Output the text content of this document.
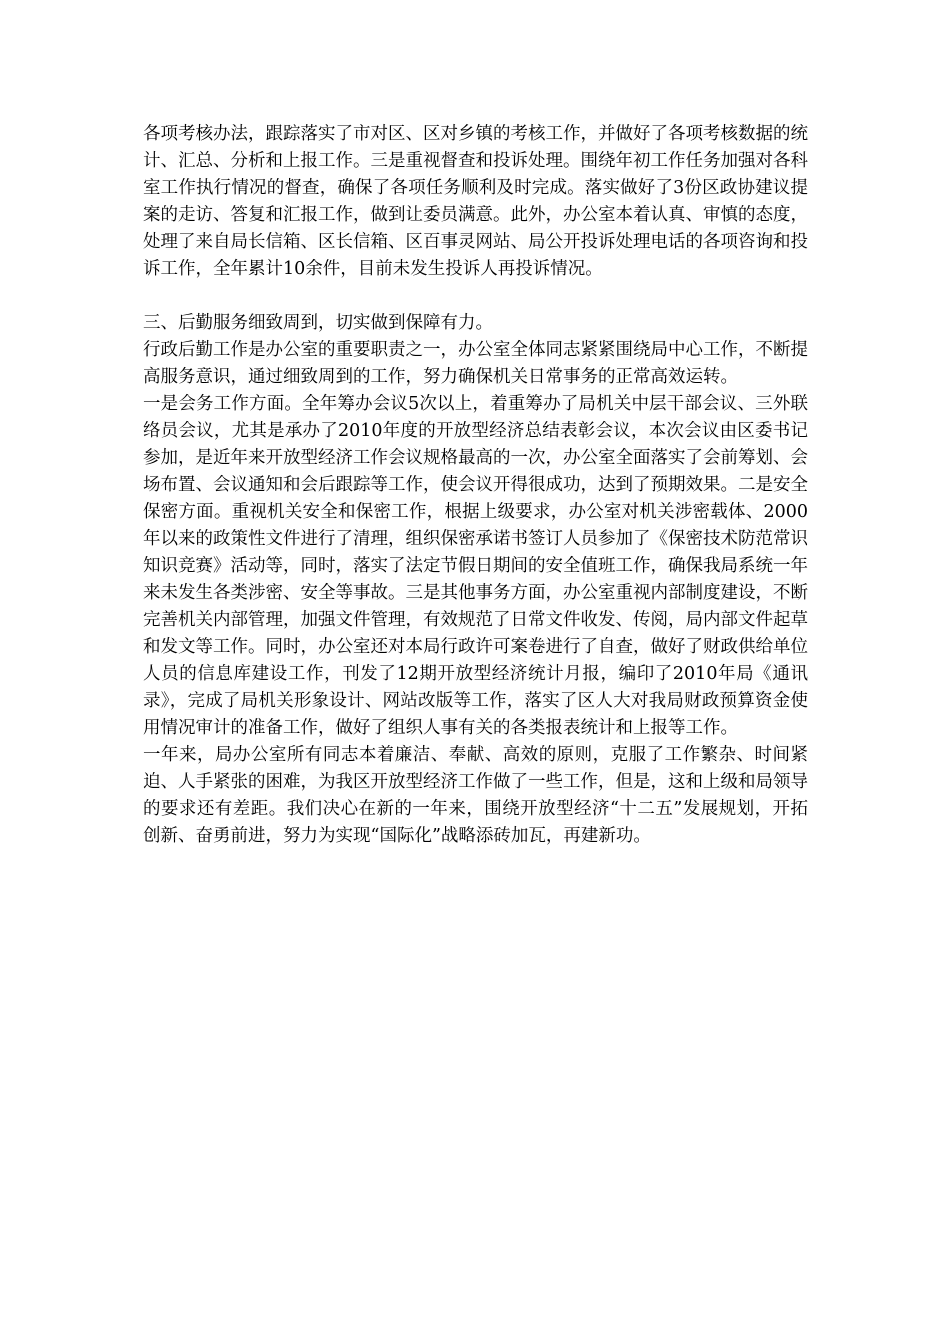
各项考核办法，跟踪落实了市对区、区对乡镇的考核工作，并做好了各项考核数据的统计、汇总、分析和上报工作。三是重视督查和投诉处理。围绕年初工作任务加强对各科室工作执行情况的督查，确保了各项任务顺利及时完成。落实做好了3份区政协建议提案的走访、答复和汇报工作，做到让委员满意。此外，办公室本着认真、审慎的态度，处理了来自局长信箱、区长信箱、区百事灵网站、局公开投诉处理电话的各项咨询和投诉工作，全年累计10余件，目前未发生投诉人再投诉情况。

三、后勤服务细致周到，切实做到保障有力。

行政后勤工作是办公室的重要职责之一，办公室全体同志紧紧围绕局中心工作，不断提高服务意识，通过细致周到的工作，努力确保机关日常事务的正常高效运转。

一是会务工作方面。全年筹办会议5次以上，着重筹办了局机关中层干部会议、三外联络员会议，尤其是承办了2010年度的开放型经济总结表彰会议，本次会议由区委书记参加，是近年来开放型经济工作会议规格最高的一次，办公室全面落实了会前筹划、会场布置、会议通知和会后跟踪等工作，使会议开得很成功，达到了预期效果。二是安全保密方面。重视机关安全和保密工作，根据上级要求，办公室对机关涉密载体、2000年以来的政策性文件进行了清理，组织保密承诺书签订人员参加了《保密技术防范常识知识竞赛》活动等，同时，落实了法定节假日期间的安全值班工作，确保我局系统一年来未发生各类涉密、安全等事故。三是其他事务方面，办公室重视内部制度建设，不断完善机关内部管理，加强文件管理，有效规范了日常文件收发、传阅，局内部文件起草和发文等工作。同时，办公室还对本局行政许可案卷进行了自查，做好了财政供给单位人员的信息库建设工作，刊发了12期开放型经济统计月报，编印了2010年局《通讯录》，完成了局机关形象设计、网站改版等工作，落实了区人大对我局财政预算资金使用情况审计的准备工作，做好了组织人事有关的各类报表统计和上报等工作。

一年来，局办公室所有同志本着廉洁、奉献、高效的原则，克服了工作繁杂、时间紧迫、人手紧张的困难，为我区开放型经济工作做了一些工作，但是，这和上级和局领导的要求还有差距。我们决心在新的一年来，围绕开放型经济“十二五”发展规划，开拓创新、奋勇前进，努力为实现“国际化”战略添砖加瓦，再建新功。
